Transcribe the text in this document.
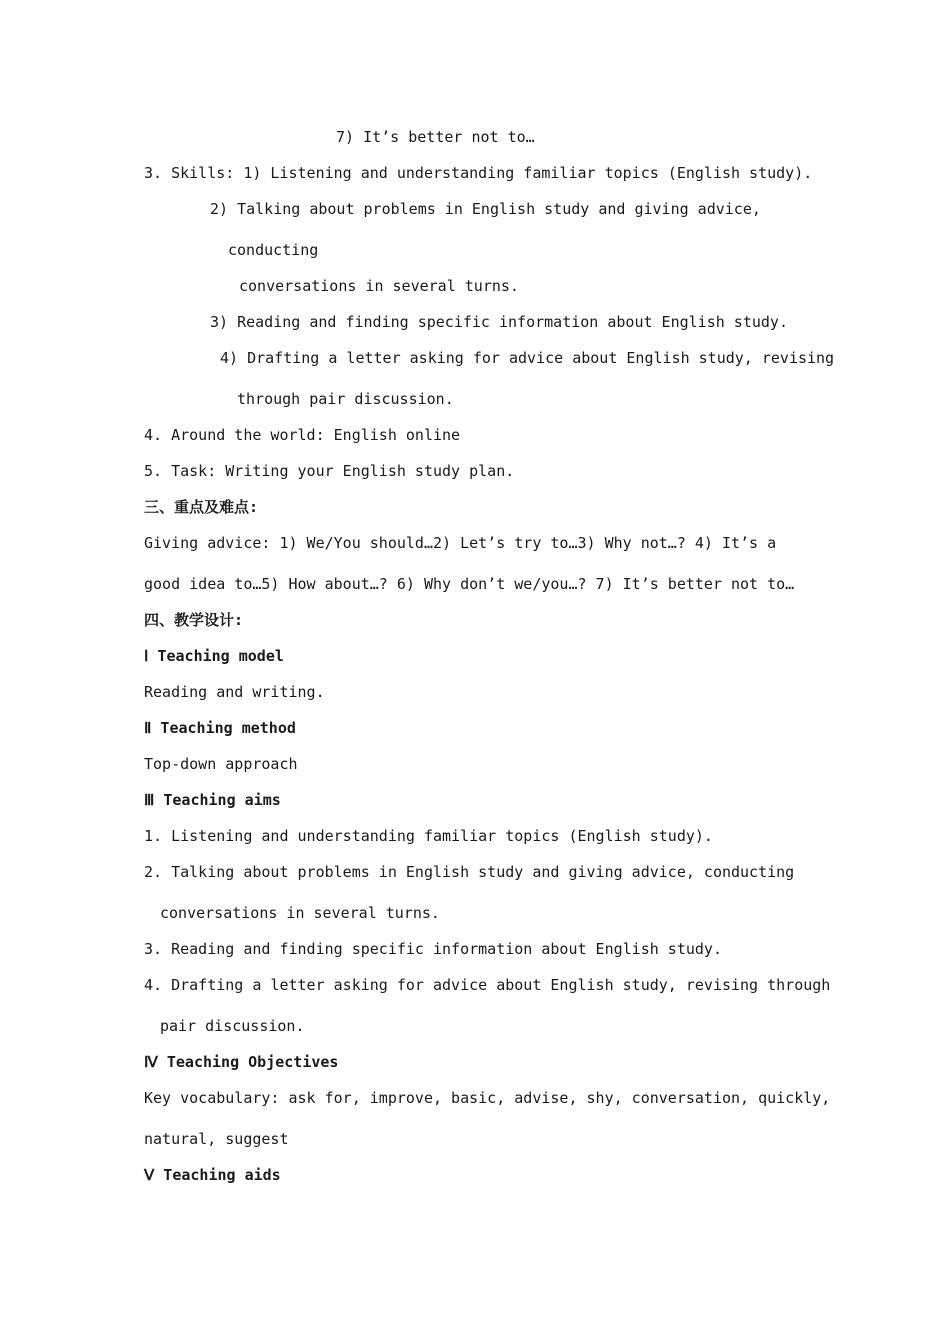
7) It’s better not to…
3. Skills: 1) Listening and understanding familiar topics (English study).
2) Talking about problems in English study and giving advice,
conducting
conversations in several turns.
3) Reading and finding specific information about English study.
4) Drafting a letter asking for advice about English study, revising
through pair discussion.
4. Around the world: English online
5. Task: Writing your English study plan.
三、重点及难点:
Giving advice: 1) We/You should…2) Let’s try to…3) Why not…? 4) It’s a
good idea to…5) How about…? 6) Why don’t we/you…? 7) It’s better not to…
四、教学设计:
Ⅰ Teaching model
Reading and writing.
Ⅱ Teaching method
Top-down approach
Ⅲ Teaching aims
1. Listening and understanding familiar topics (English study).
2. Talking about problems in English study and giving advice, conducting
conversations in several turns.
3. Reading and finding specific information about English study.
4. Drafting a letter asking for advice about English study, revising through
pair discussion.
Ⅳ Teaching Objectives
Key vocabulary: ask for, improve, basic, advise, shy, conversation, quickly,
natural, suggest
Ⅴ Teaching aids
